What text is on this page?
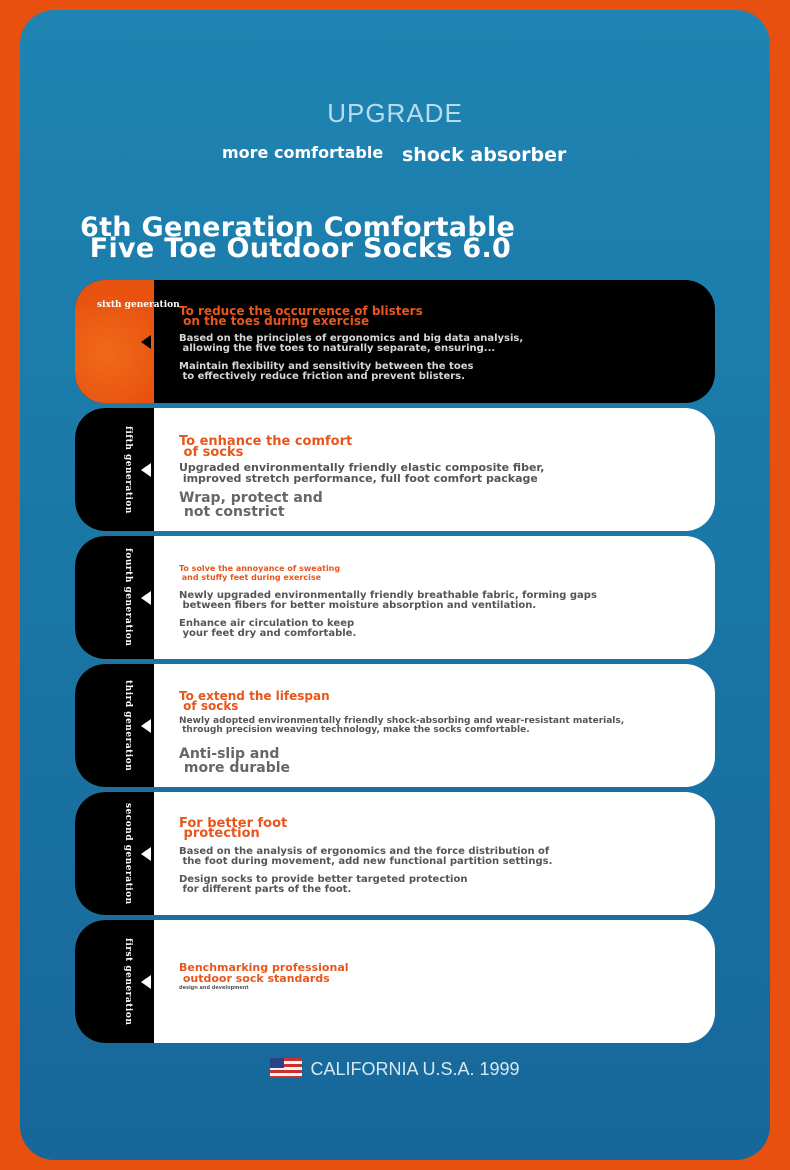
UPGRADE
more comfortable shock absorber
6th Generation Comfortable
Five Toe Outdoor Socks 6.0
sixth generation To reduce the occurrence of blisters
on the toes during exercise
Based on the principles of ergonomics and big data analysis,
allowing the five toes to naturally separate, ensuring...
Maintain flexibility and sensitivity between the toes
to effectively reduce friction and prevent blisters.
fifth generation	To enhance the comfort
of socks
Upgraded environmentally friendly elastic composite fiber,
improved stretch performance, full foot comfort package
Wrap, protect and
not constrict
fourth generation	To solve the annoyance of sweating
and stuffy feet during exercise
Newly upgraded environmentally friendly breathable fabric, forming gaps
between fibers for better moisture absorption and ventilation.
Enhance air circulation to keep
your feet dry and comfortable.
third generation	To extend the lifespan
of socks
Newly adopted environmentally friendly shock-absorbing and wear-resistant materials,
through precision weaving technology, make the socks comfortable.
Anti-slip and
more durable
second generation	For better foot
protection
Based on the analysis of ergonomics and the force distribution of
the foot during movement, add new functional partition settings.
Design socks to provide better targeted protection
for different parts of the foot.
first generation	Benchmarking professional
outdoor sock standards
design and development
CALIFORNIA U.S.A. 1999
